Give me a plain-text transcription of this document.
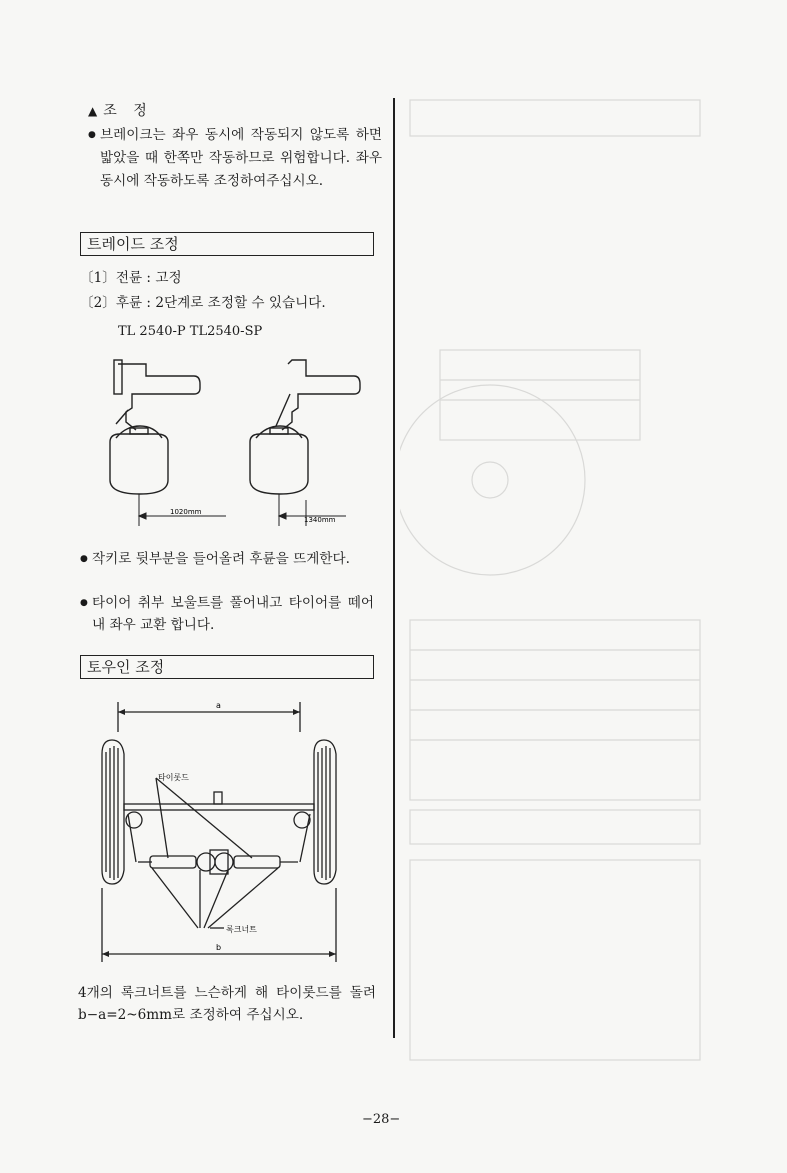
▲ 조 정
● 브레이크는 좌우 동시에 작동되지 않도록 하면 밟았을 때 한쪽만 작동하므로 위험합니다. 좌우 동시에 작동하도록 조정하여주십시오.
트레이드 조정
〔1〕전륜 : 고정
〔2〕후륜 : 2단계로 조정할 수 있습니다.
TL 2540-P TL2540-SP
1020mm
1340mm
● 작키로 뒷부분을 들어올려 후륜을 뜨게한다.
● 타이어 취부 보울트를 풀어내고 타이어를 떼어내 좌우 교환 합니다.
토우인 조정
a
b
타이롯드
록크너트
4개의 록크너트를 느슨하게 해 타이롯드를 돌려 b−a=2~6mm로 조정하여 주십시오.
−28−
